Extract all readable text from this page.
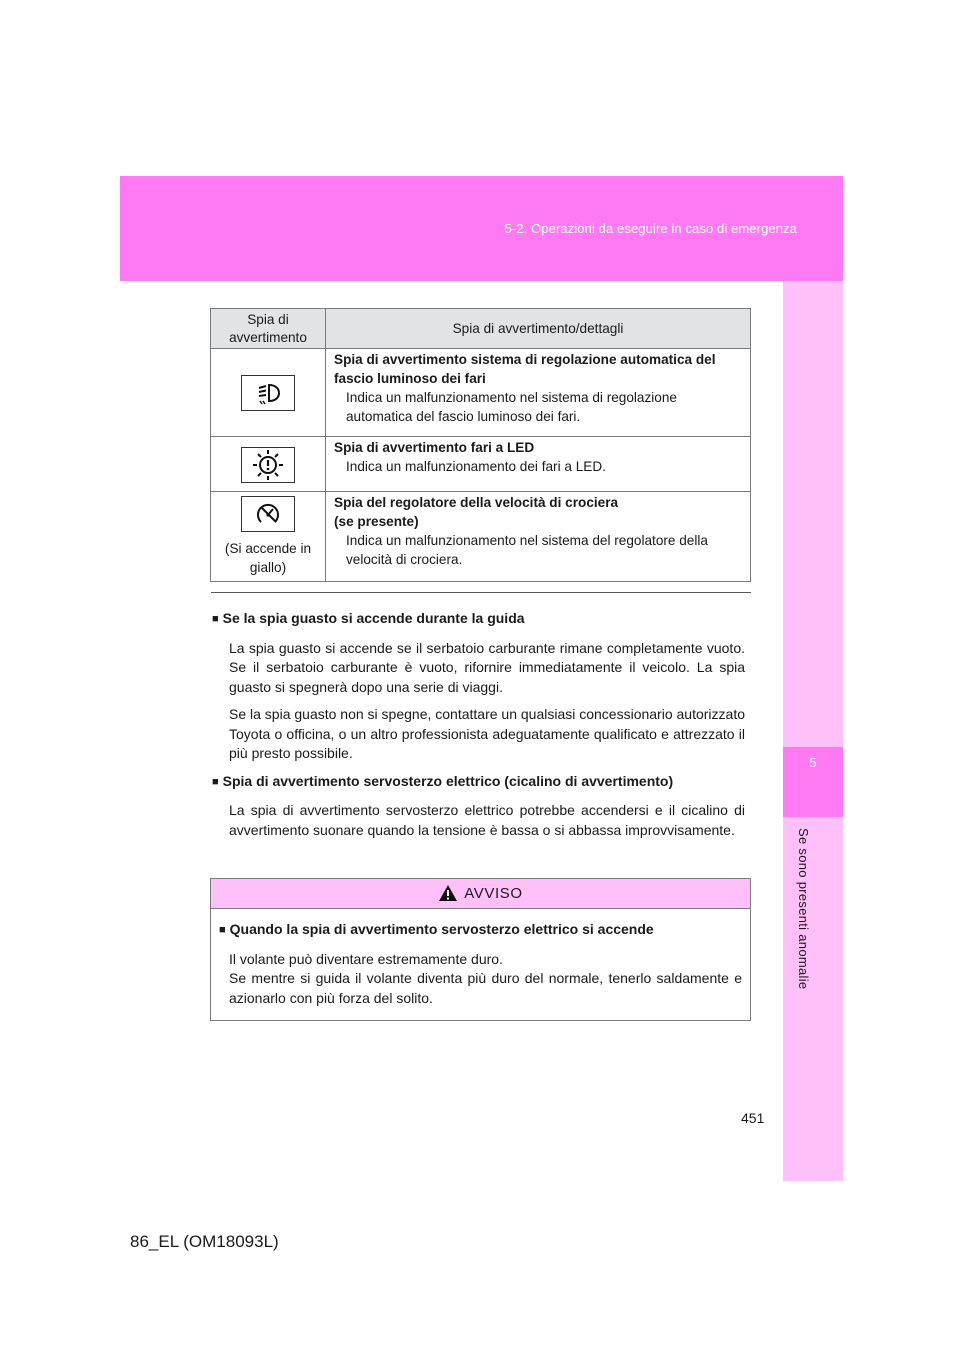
5-2. Operazioni da eseguire in caso di emergenza
5
Se sono presenti anomalie
Spia di avvertimento	Spia di avvertimento/dettagli

Spia di avvertimento sistema di regolazione automatica del fascio luminoso dei fari
Indica un malfunzionamento nel sistema di regolazione automatica del fascio luminoso dei fari.

Spia di avvertimento fari a LED
Indica un malfunzionamento dei fari a LED.

(Si accende in giallo)	Spia del regolatore della velocità di crociera
(se presente)
Indica un malfunzionamento nel sistema del regolatore della velocità di crociera.
■ Se la spia guasto si accende durante la guida

La spia guasto si accende se il serbatoio carburante rimane completamente vuoto. Se il serbatoio carburante è vuoto, rifornire immediatamente il veicolo. La spia guasto si spegnerà dopo una serie di viaggi.

Se la spia guasto non si spegne, contattare un qualsiasi concessionario autorizzato Toyota o officina, o un altro professionista adeguatamente qualificato e attrezzato il più presto possibile.

■ Spia di avvertimento servosterzo elettrico (cicalino di avvertimento)

La spia di avvertimento servosterzo elettrico potrebbe accendersi e il cicalino di avvertimento suonare quando la tensione è bassa o si abbassa improvvisamente.

AVVISO
■ Quando la spia di avvertimento servosterzo elettrico si accende

Il volante può diventare estremamente duro.

Se mentre si guida il volante diventa più duro del normale, tenerlo saldamente e azionarlo con più forza del solito.

451
86_EL (OM18093L)
